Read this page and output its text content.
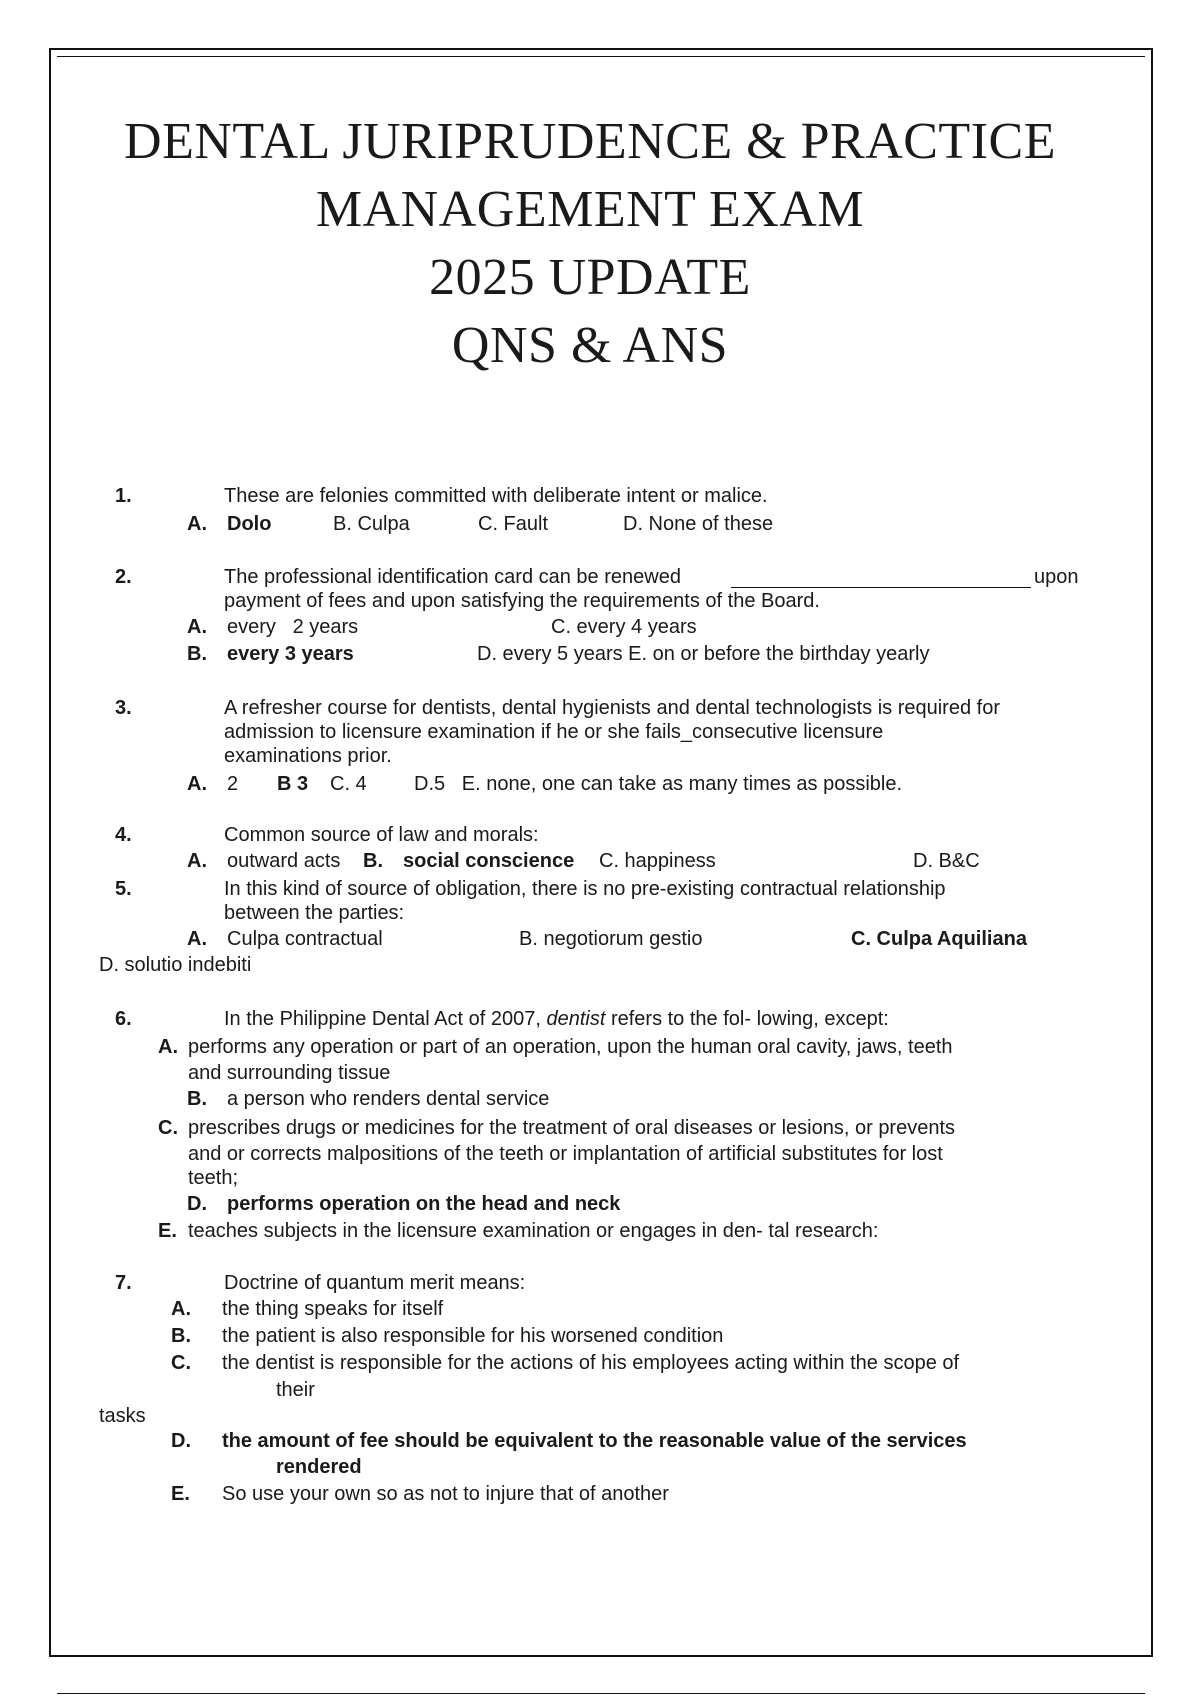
DENTAL JURIPRUDENCE & PRACTICE
MANAGEMENT EXAM
2025 UPDATE
QNS & ANS
1.	These are felonies committed with deliberate intent or malice.
A. Dolo	B. Culpa	C. Fault	D. None of these
2.	The professional identification card can be renewed	upon
payment of fees and upon satisfying the requirements of the Board.
A. every   2 years	C. every 4 years
B. every 3 years	D. every 5 years E. on or before the birthday yearly
3.	A refresher course for dentists, dental hygienists and dental technologists is required for
admission to licensure examination if he or she fails_consecutive licensure
examinations prior.
A. 2 B 3 C. 4 D.5   E. none, one can take as many times as possible.
4.	Common source of law and morals:
A. outward acts B. social conscience C. happiness	D. B&C
5.	In this kind of source of obligation, there is no pre-existing contractual relationship
between the parties:
A. Culpa contractual	B. negotiorum gestio	C. Culpa Aquiliana
D. solutio indebiti
6.	In the Philippine Dental Act of 2007, dentist refers to the fol- lowing, except:
A. performs any operation or part of an operation, upon the human oral cavity, jaws, teeth
and surrounding tissue
B. a person who renders dental service
C. prescribes drugs or medicines for the treatment of oral diseases or lesions, or prevents
and or corrects malpositions of the teeth or implantation of artificial substitutes for lost
teeth;
D. performs operation on the head and neck
E. teaches subjects in the licensure examination or engages in den- tal research:
7.	Doctrine of quantum merit means:
A. the thing speaks for itself
B. the patient is also responsible for his worsened condition
C. the dentist is responsible for the actions of his employees acting within the scope of
their
tasks
D. the amount of fee should be equivalent to the reasonable value of the services
rendered
E. So use your own so as not to injure that of another
